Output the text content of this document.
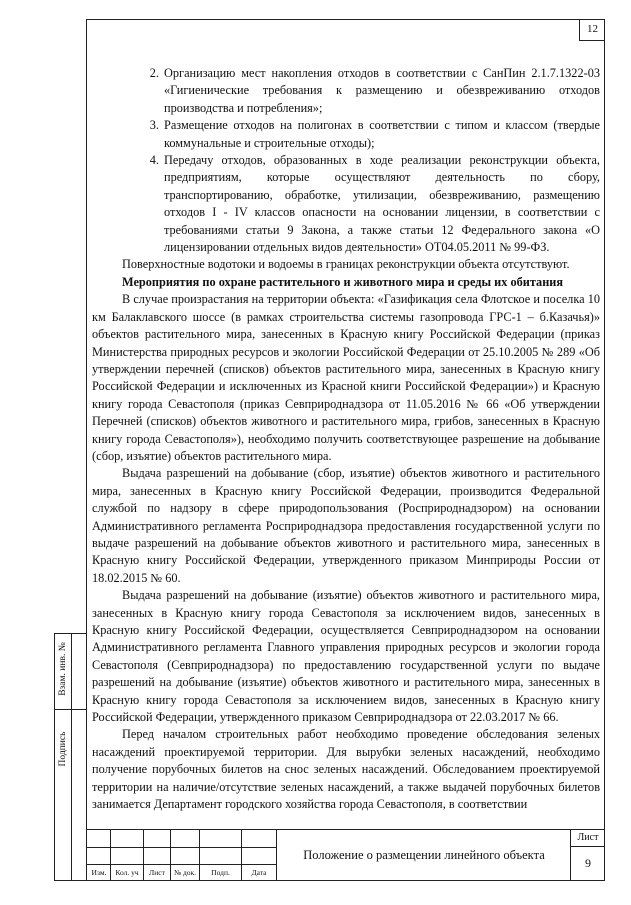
12
2. Организацию мест накопления отходов в соответствии с СанПин 2.1.7.1322-03 «Гигиенические требования к размещению и обезвреживанию отходов производства и потребления»;
3. Размещение отходов на полигонах в соответствии с типом и классом (твердые коммунальные и строительные отходы);
4. Передачу отходов, образованных в ходе реализации реконструкции объекта, предприятиям, которые осуществляют деятельность по сбору, транспортированию, обработке, утилизации, обезвреживанию, размещению отходов I - IV классов опасности на основании лицензии, в соответствии с требованиями статьи 9 Закона, а также статьи 12 Федерального закона «О лицензировании отдельных видов деятельности» ОТ04.05.2011 № 99-ФЗ.

Поверхностные водотоки и водоемы в границах реконструкции объекта отсутствуют.

Мероприятия по охране растительного и животного мира и среды их обитания

В случае произрастания на территории объекта: «Газификация села Флотское и поселка 10 км Балаклавского шоссе (в рамках строительства системы газопровода ГРС-1 – б.Казачья)» объектов растительного мира, занесенных в Красную книгу Российской Федерации (приказ Министерства природных ресурсов и экологии Российской Федерации от 25.10.2005 № 289 «Об утверждении перечней (списков) объектов растительного мира, занесенных в Красную книгу Российской Федерации и исключенных из Красной книги Российской Федерации») и Красную книгу города Севастополя (приказ Севприроднадзора от 11.05.2016 № 66 «Об утверждении Перечней (списков) объектов животного и растительного мира, грибов, занесенных в Красную книгу города Севастополя»), необходимо получить соответствующее разрешение на добывание (сбор, изъятие) объектов растительного мира.

Выдача разрешений на добывание (сбор, изъятие) объектов животного и растительного мира, занесенных в Красную книгу Российской Федерации, производится Федеральной службой по надзору в сфере природопользования (Росприроднадзором) на основании Административного регламента Росприроднадзора предоставления государственной услуги по выдаче разрешений на добывание объектов животного и растительного мира, занесенных в Красную книгу Российской Федерации, утвержденного приказом Минприроды России от 18.02.2015 № 60.

Выдача разрешений на добывание (изъятие) объектов животного и растительного мира, занесенных в Красную книгу города Севастополя за исключением видов, занесенных в Красную книгу Российской Федерации, осуществляется Севприроднадзором на основании Административного регламента Главного управления природных ресурсов и экологии города Севастополя (Севприроднадзора) по предоставлению государственной услуги по выдаче разрешений на добывание (изъятие) объектов животного и растительного мира, занесенных в Красную книгу города Севастополя за исключением видов, занесенных в Красную книгу Российской Федерации, утвержденного приказом Севприроднадзора от 22.03.2017 № 66.

Перед началом строительных работ необходимо проведение обследования зеленых насаждений проектируемой территории. Для вырубки зеленых насаждений, необходимо получение порубочных билетов на снос зеленых насаждений. Обследованием проектируемой территории на наличие/отсутствие зеленых насаждений, а также выдачей порубочных билетов занимается Департамент городского хозяйства города Севастополя, в соответствии

Взам. инв. №
Подпись
Изм.	Кол. уч	Лист	№ док.	Подп.	Дата
Положение о размещении линейного объекта
Лист
9
